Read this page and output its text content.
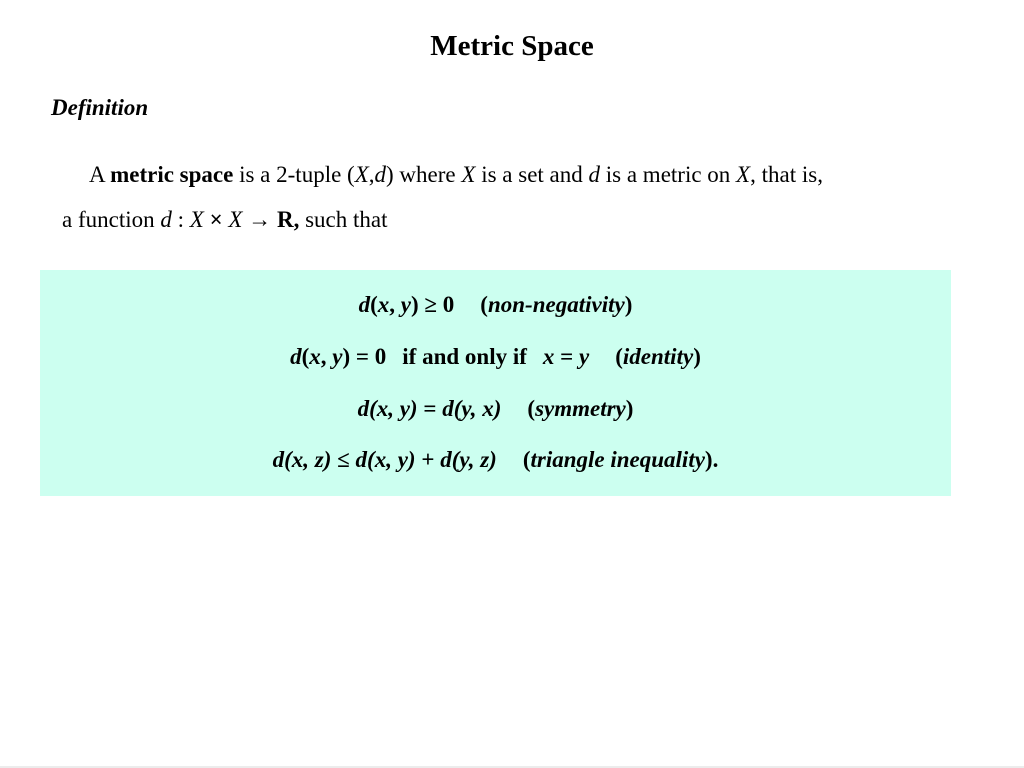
Metric Space
Definition
A metric space is a 2-tuple (X,d) where X is a set and d is a metric on X, that is,
a function d : X × X → R, such that
d(x, y) ≥ 0 (non-negativity)
d(x, y) = 0 if and only if x = y (identity)
d(x, y) = d(y, x) (symmetry)
d(x, z) ≤ d(x, y) + d(y, z) (triangle inequality).
